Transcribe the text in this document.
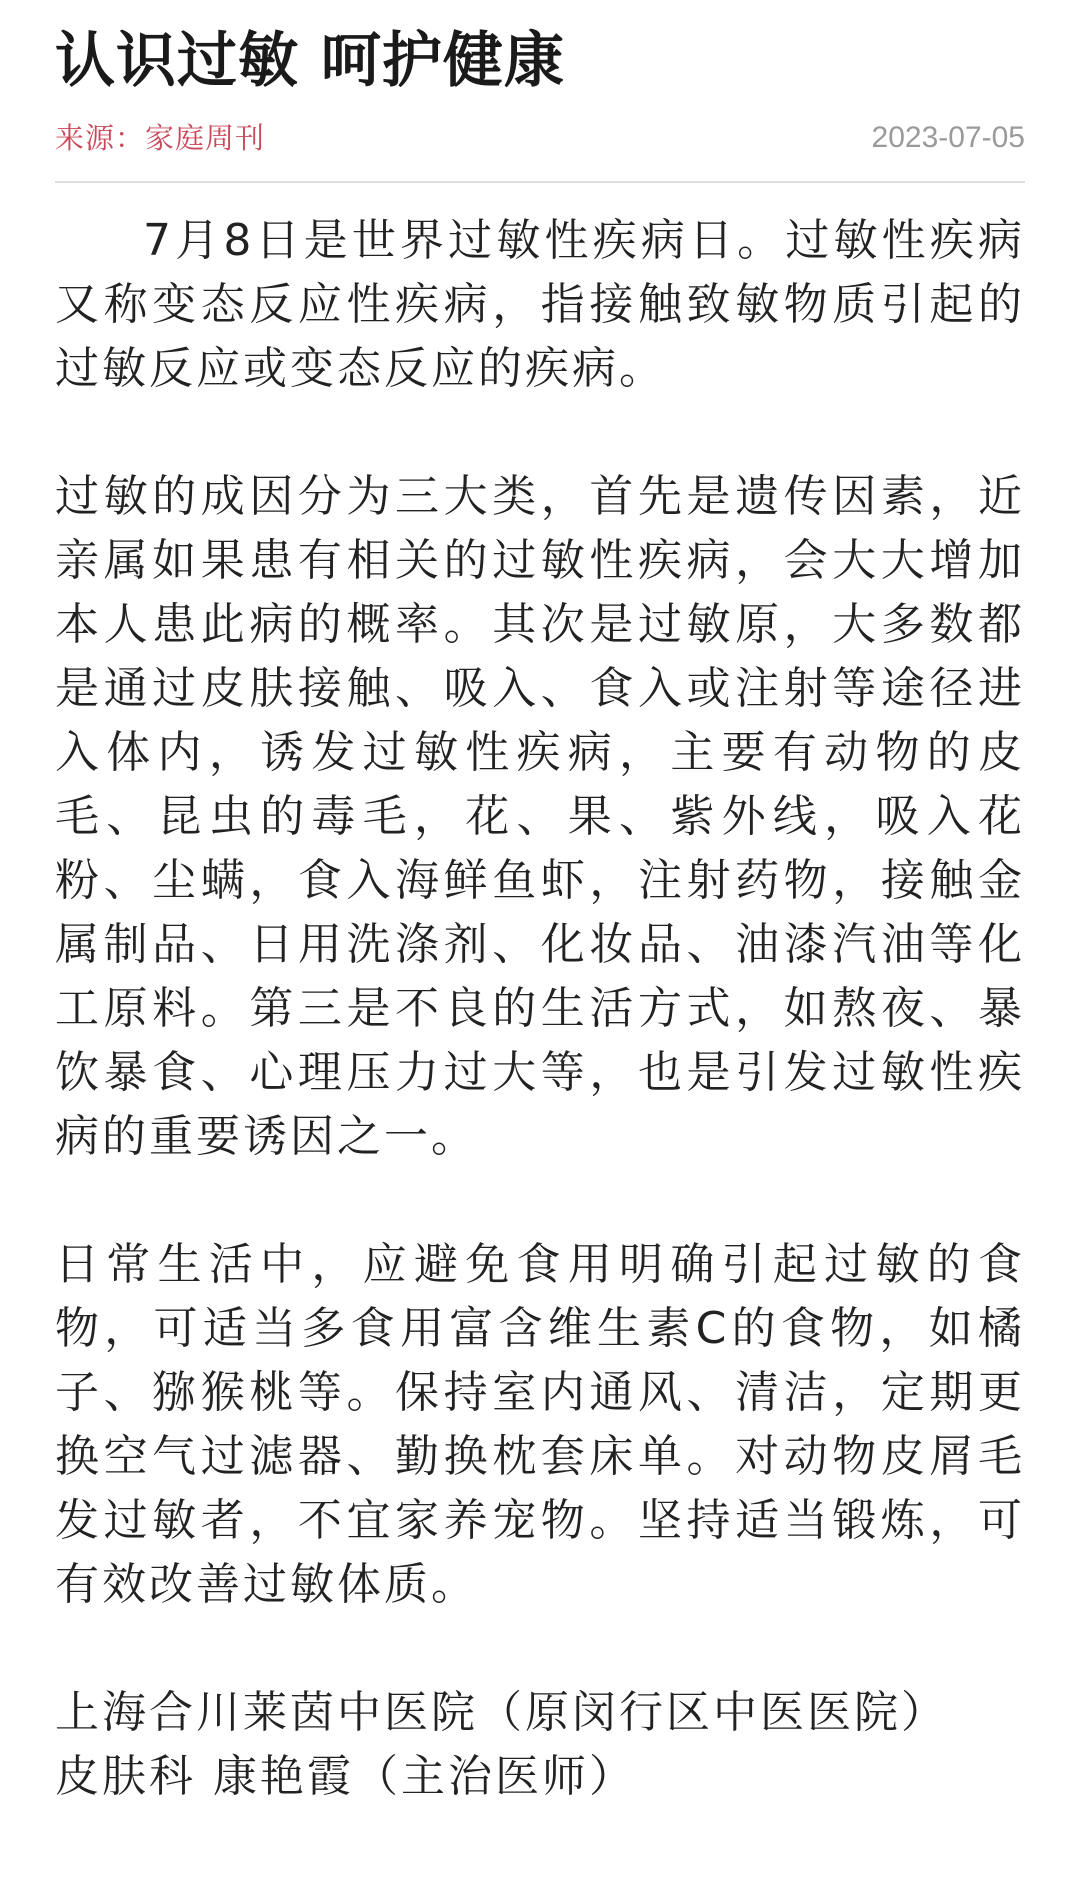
认识过敏 呵护健康
来源：家庭周刊	2023-07-05

7月8日是世界过敏性疾病日。过敏性疾病又称变态反应性疾病，指接触致敏物质引起的过敏反应或变态反应的疾病。

过敏的成因分为三大类，首先是遗传因素，近亲属如果患有相关的过敏性疾病，会大大增加本人患此病的概率。其次是过敏原，大多数都是通过皮肤接触、吸入、食入或注射等途径进入体内，诱发过敏性疾病，主要有动物的皮毛、昆虫的毒毛，花、果、紫外线，吸入花粉、尘螨，食入海鲜鱼虾，注射药物，接触金属制品、日用洗涤剂、化妆品、油漆汽油等化工原料。第三是不良的生活方式，如熬夜、暴饮暴食、心理压力过大等，也是引发过敏性疾病的重要诱因之一。

日常生活中，应避免食用明确引起过敏的食物，可适当多食用富含维生素C的食物，如橘子、猕猴桃等。保持室内通风、清洁，定期更换空气过滤器、勤换枕套床单。对动物皮屑毛发过敏者，不宜家养宠物。坚持适当锻炼，可有效改善过敏体质。

上海合川莱茵中医院（原闵行区中医医院）
皮肤科 康艳霞（主治医师）
